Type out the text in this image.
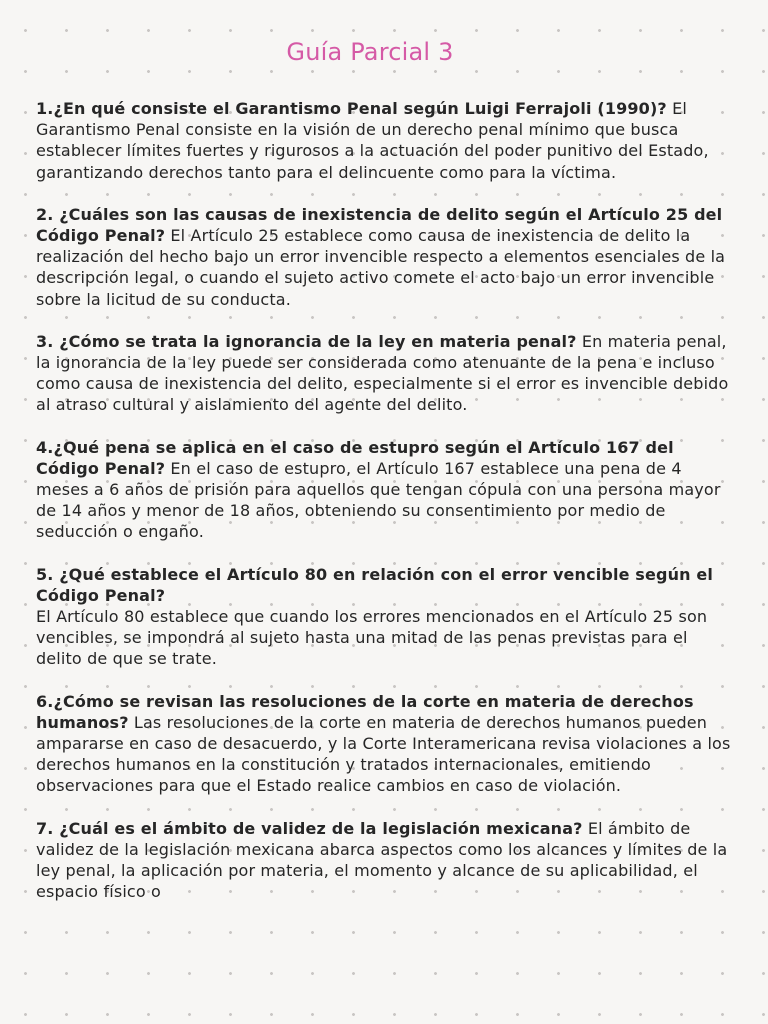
Guía Parcial 3

1.¿En qué consiste el Garantismo Penal según Luigi Ferrajoli (1990)? El Garantismo Penal consiste en la visión de un derecho penal mínimo que busca establecer límites fuertes y rigurosos a la actuación del poder punitivo del Estado, garantizando derechos tanto para el delincuente como para la víctima.

2. ¿Cuáles son las causas de inexistencia de delito según el Artículo 25 del Código Penal? El Artículo 25 establece como causa de inexistencia de delito la realización del hecho bajo un error invencible respecto a elementos esenciales de la descripción legal, o cuando el sujeto activo comete el acto bajo un error invencible sobre la licitud de su conducta.

3. ¿Cómo se trata la ignorancia de la ley en materia penal? En materia penal, la ignorancia de la ley puede ser considerada como atenuante de la pena e incluso como causa de inexistencia del delito, especialmente si el error es invencible debido al atraso cultural y aislamiento del agente del delito.

4.¿Qué pena se aplica en el caso de estupro según el Artículo 167 del Código Penal? En el caso de estupro, el Artículo 167 establece una pena de 4 meses a 6 años de prisión para aquellos que tengan cópula con una persona mayor de 14 años y menor de 18 años, obteniendo su consentimiento por medio de seducción o engaño.

5. ¿Qué establece el Artículo 80 en relación con el error vencible según el Código Penal?
El Artículo 80 establece que cuando los errores mencionados en el Artículo 25 son vencibles, se impondrá al sujeto hasta una mitad de las penas previstas para el delito de que se trate.

6.¿Cómo se revisan las resoluciones de la corte en materia de derechos humanos? Las resoluciones de la corte en materia de derechos humanos pueden ampararse en caso de desacuerdo, y la Corte Interamericana revisa violaciones a los derechos humanos en la constitución y tratados internacionales, emitiendo observaciones para que el Estado realice cambios en caso de violación.

7. ¿Cuál es el ámbito de validez de la legislación mexicana? El ámbito de validez de la legislación mexicana abarca aspectos como los alcances y límites de la ley penal, la aplicación por materia, el momento y alcance de su aplicabilidad, el espacio físico o
